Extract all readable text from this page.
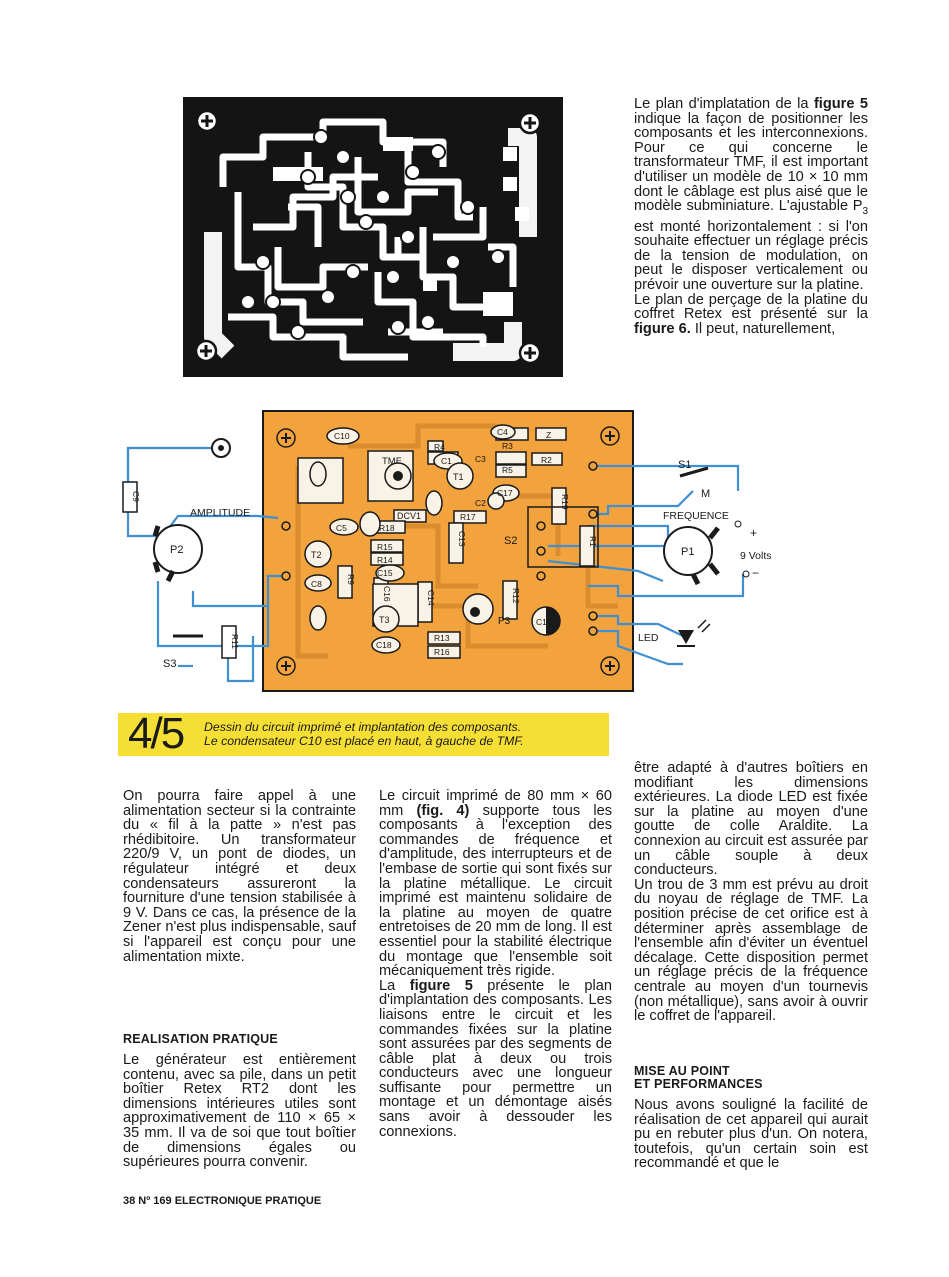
AMPLITUDE	FREQUENCE
P2	P1
P3
S1
S2
S3
M
9 Volts
+
−
LED
TMF
DCV1
T1
T2
T3
C10
R4
C1
C4
R3
C3
R5
Z
R2
C17
C2
R17
R18
C5
R15
R14
C15
C8
R13
R16
C18
C19
C9
R11
R9
R12
R19
R1
C13
C16	C14
4/5 Dessin du circuit imprimé et implantation des composants.
Le condensateur C10 est placé en haut, à gauche de TMF.

Le plan d'implatation de la figure 5 indique la façon de positionner les composants et les interconnexions. Pour ce qui concerne le transformateur TMF, il est important d'utiliser un modèle de 10 × 10 mm dont le câblage est plus aisé que le modèle subminiature. L'ajustable $P_3$ est monté horizontalement : si l'on souhaite effectuer un réglage précis de la tension de modulation, on peut le disposer verticalement ou prévoir une ouverture sur la platine.

Le plan de perçage de la platine du coffret Retex est présenté sur la figure 6. Il peut, naturellement,

On pourra faire appel à une alimentation secteur si la contrainte du « fil à la patte » n'est pas rhédibitoire. Un transformateur 220/9 V, un pont de diodes, un régulateur intégré et deux condensateurs assureront la fourniture d'une tension stabilisée à 9 V. Dans ce cas, la présence de la Zener n'est plus indispensable, sauf si l'appareil est conçu pour une alimentation mixte.

REALISATION PRATIQUE

Le générateur est entièrement contenu, avec sa pile, dans un petit boîtier Retex RT2 dont les dimensions intérieures utiles sont approximativement de 110 × 65 × 35 mm. Il va de soi que tout boîtier de dimensions égales ou supérieures pourra convenir.

Le circuit imprimé de 80 mm × 60 mm (fig. 4) supporte tous les composants à l'exception des commandes de fréquence et d'amplitude, des interrupteurs et de l'embase de sortie qui sont fixés sur la platine métallique. Le circuit imprimé est maintenu solidaire de la platine au moyen de quatre entretoises de 20 mm de long. Il est essentiel pour la stabilité électrique du montage que l'ensemble soit mécaniquement très rigide.

La figure 5 présente le plan d'implantation des composants. Les liaisons entre le circuit et les commandes fixées sur la platine sont assurées par des segments de câble plat à deux ou trois conducteurs avec une longueur suffisante pour permettre un montage et un démontage aisés sans avoir à dessouder les connexions.

être adapté à d'autres boîtiers en modifiant les dimensions extérieures. La diode LED est fixée sur la platine au moyen d'une goutte de colle Araldite. La connexion au circuit est assurée par un câble souple à deux conducteurs.

Un trou de 3 mm est prévu au droit du noyau de réglage de TMF. La position précise de cet orifice est à déterminer après assemblage de l'ensemble afin d'éviter un éventuel décalage. Cette disposition permet un réglage précis de la fréquence centrale au moyen d'un tournevis (non métallique), sans avoir à ouvrir le coffret de l'appareil.

MISE AU POINT
ET PERFORMANCES

Nous avons souligné la facilité de réalisation de cet appareil qui aurait pu en rebuter plus d'un. On notera, toutefois, qu'un certain soin est recommandé et que le

38 Nº 169 ELECTRONIQUE PRATIQUE
